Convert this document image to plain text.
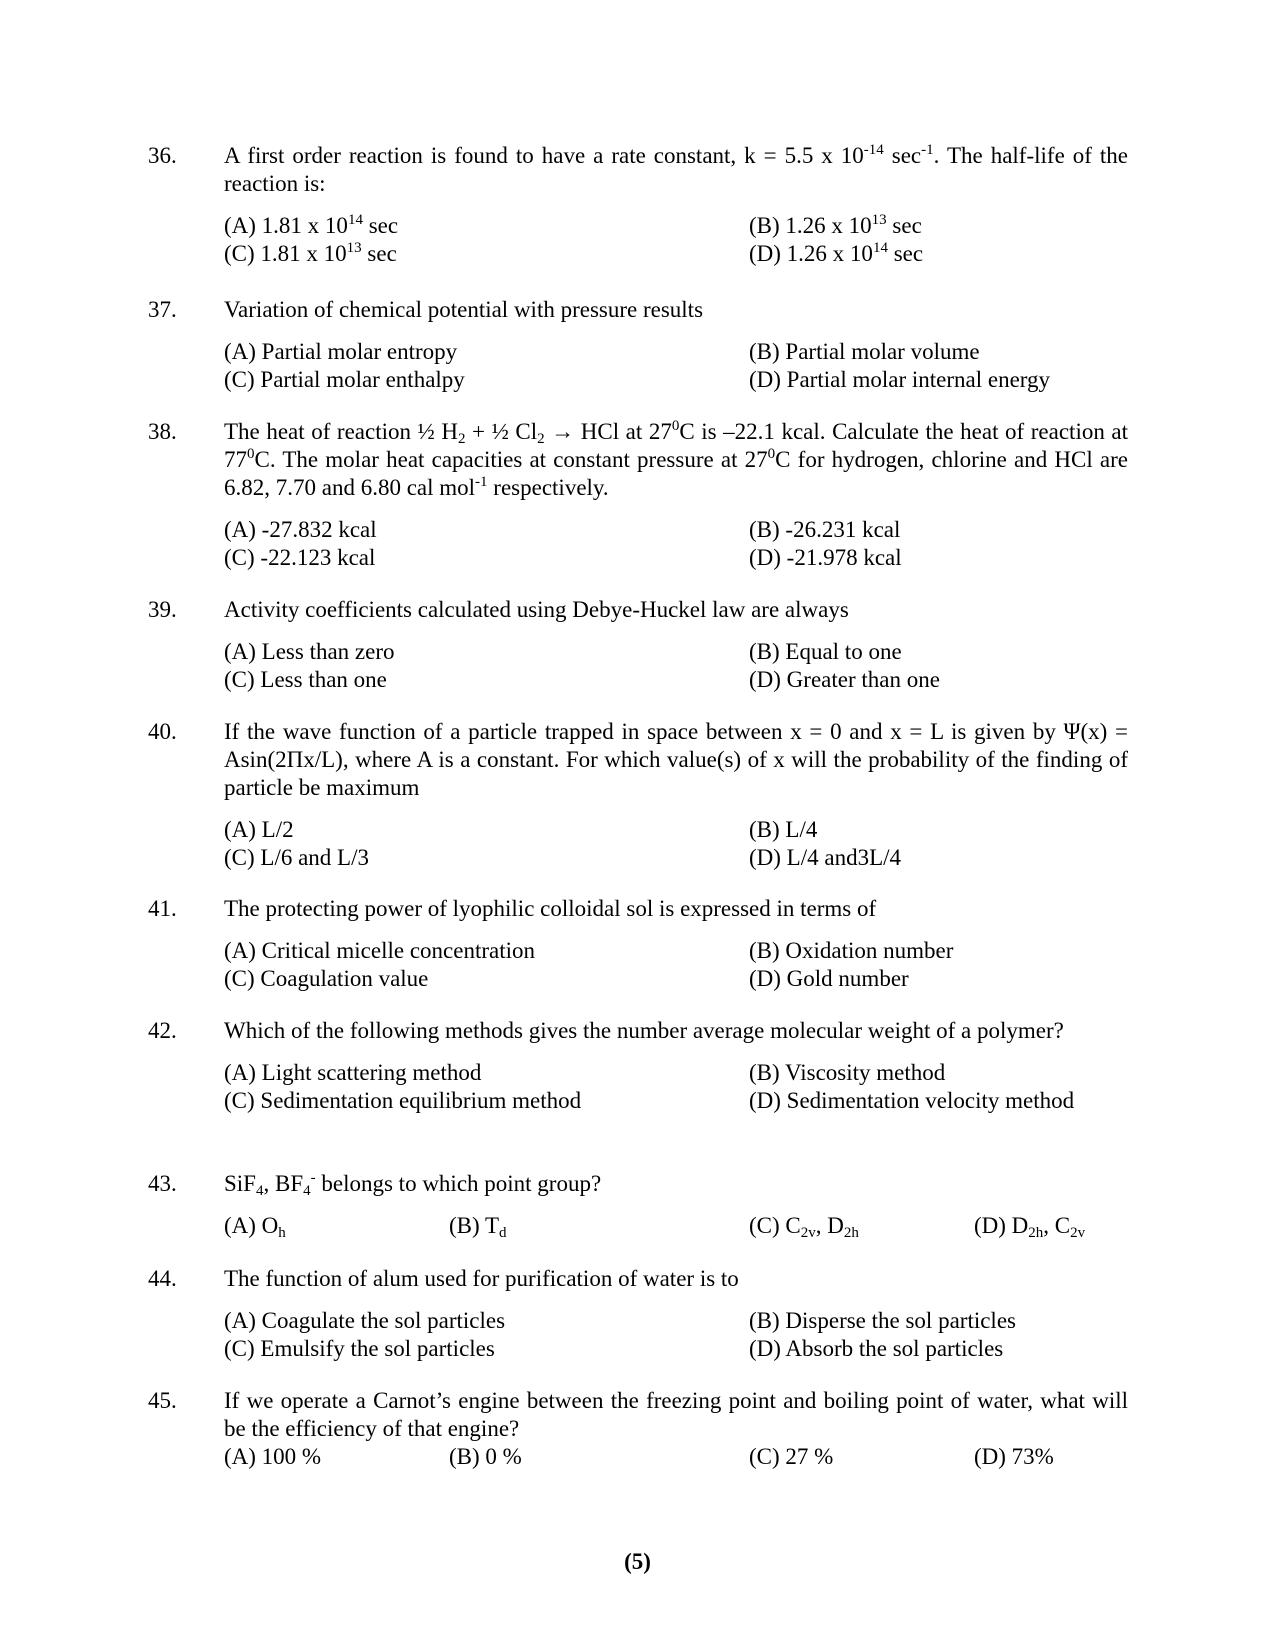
36. A first order reaction is found to have a rate constant, k = 5.5 x $10^{-14}$ $\sec^{-1}$. The half-life of the reaction is:
(A) 1.81 x $10^{14}$ sec	(B) 1.26 x $10^{13}$ sec
(C) 1.81 x $10^{13}$ sec	(D) 1.26 x $10^{14}$ sec
37. Variation of chemical potential with pressure results
(A) Partial molar entropy	(B) Partial molar volume
(C) Partial molar enthalpy	(D) Partial molar internal energy
38. The heat of reaction ½ $H_2$ + ½ $Cl_2$ → HCl at $27^0C$ is –22.1 kcal. Calculate the heat of reaction at $77^0C$. The molar heat capacities at constant pressure at $27^0C$ for hydrogen, chlorine and HCl are 6.82, 7.70 and 6.80 cal mol$^{-1}$ respectively.
(A) -27.832 kcal	(B) -26.231 kcal
(C) -22.123 kcal	(D) -21.978 kcal
39. Activity coefficients calculated using Debye-Huckel law are always
(A) Less than zero	(B) Equal to one
(C) Less than one	(D) Greater than one
40. If the wave function of a particle trapped in space between x = 0 and x = L is given by Ψ(x) = Asin(2Πx/L), where A is a constant. For which value(s) of x will the probability of the finding of particle be maximum
(A) L/2	(B) L/4
(C) L/6 and L/3	(D) L/4 and3L/4
41. The protecting power of lyophilic colloidal sol is expressed in terms of
(A) Critical micelle concentration	(B) Oxidation number
(C) Coagulation value	(D) Gold number
42. Which of the following methods gives the number average molecular weight of a polymer?
(A) Light scattering method	(B) Viscosity method
(C) Sedimentation equilibrium method	(D) Sedimentation velocity method
43. SiF$_4$, $BF_4^-$ belongs to which point group?
(A) $O_h$	(B) $T_d$	(C) $C_{2v}$, $D_{2h}$	(D) $D_{2h}$, $C_{2v}$
44. The function of alum used for purification of water is to
(A) Coagulate the sol particles	(B) Disperse the sol particles
(C) Emulsify the sol particles	(D) Absorb the sol particles
45. If we operate a Carnot’s engine between the freezing point and boiling point of water, what will be the efficiency of that engine?
(A) 100 %	(B) 0 %	(C) 27 %	(D) 73%
(5)
